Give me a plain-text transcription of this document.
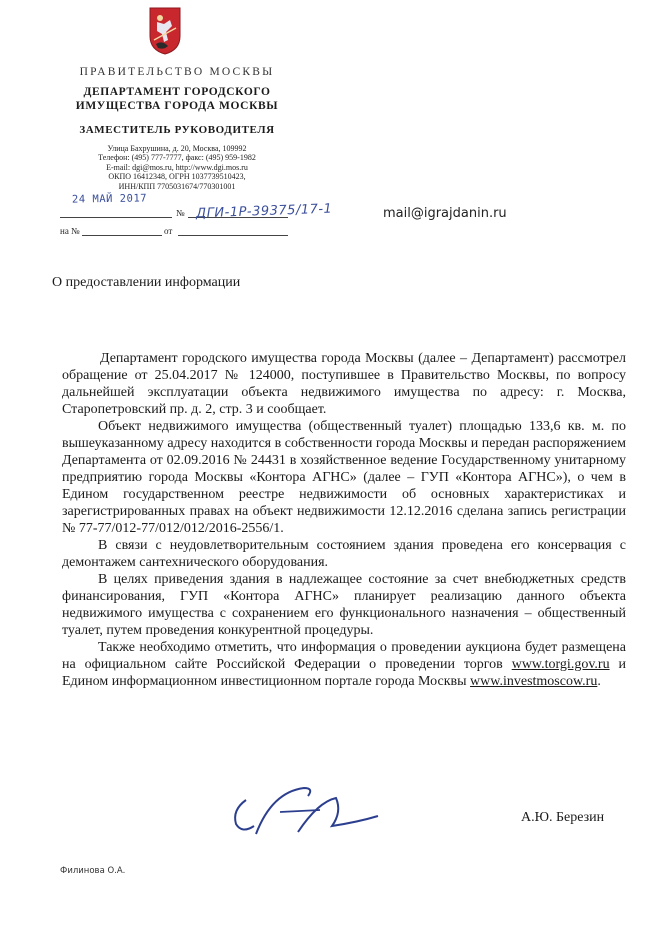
ПРАВИТЕЛЬСТВО МОСКВЫ
ДЕПАРТАМЕНТ ГОРОДСКОГО
ИМУЩЕСТВА ГОРОДА МОСКВЫ
ЗАМЕСТИТЕЛЬ РУКОВОДИТЕЛЯ
Улица Бахрушина, д. 20, Москва, 109992
Телефон: (495) 777-7777, факс: (495) 959-1982
E-mail: dgi@mos.ru, http://www.dgi.mos.ru
ОКПО 16412348, ОГРН 1037739510423,
ИНН/КПП 7705031674/770301001
24 МАЙ 2017
№ ДГИ-1Р-39375/17-1
на №	от
mail@igrajdanin.ru
О предоставлении информации

Департамент городского имущества города Москвы (далее – Департамент) рассмотрел обращение от 25.04.2017 № 124000, поступившее в Правительство Москвы, по вопросу дальнейшей эксплуатации объекта недвижимого имущества по адресу: г. Москва, Старопетровский пр. д. 2, стр. 3 и сообщает.

Объект недвижимого имущества (общественный туалет) площадью 133,6 кв. м. по вышеуказанному адресу находится в собственности города Москвы и передан распоряжением Департамента от 02.09.2016 № 24431 в хозяйственное ведение Государственному унитарному предприятию города Москвы «Контора АГНС» (далее – ГУП «Контора АГНС»), о чем в Едином государственном реестре недвижимости об основных характеристиках и зарегистрированных правах на объект недвижимости 12.12.2016 сделана запись регистрации № 77-77/012-77/012/012/2016-2556/1.

В связи с неудовлетворительным состоянием здания проведена его консервация с демонтажем сантехнического оборудования.

В целях приведения здания в надлежащее состояние за счет внебюджетных средств финансирования, ГУП «Контора АГНС» планирует реализацию данного объекта недвижимого имущества с сохранением его функционального назначения – общественный туалет, путем проведения конкурентной процедуры.

Также необходимо отметить, что информация о проведении аукциона будет размещена на официальном сайте Российской Федерации о проведении торгов www.torgi.gov.ru и Едином информационном инвестиционном портале города Москвы www.investmoscow.ru.

А.Ю. Березин
Филинова О.А.
